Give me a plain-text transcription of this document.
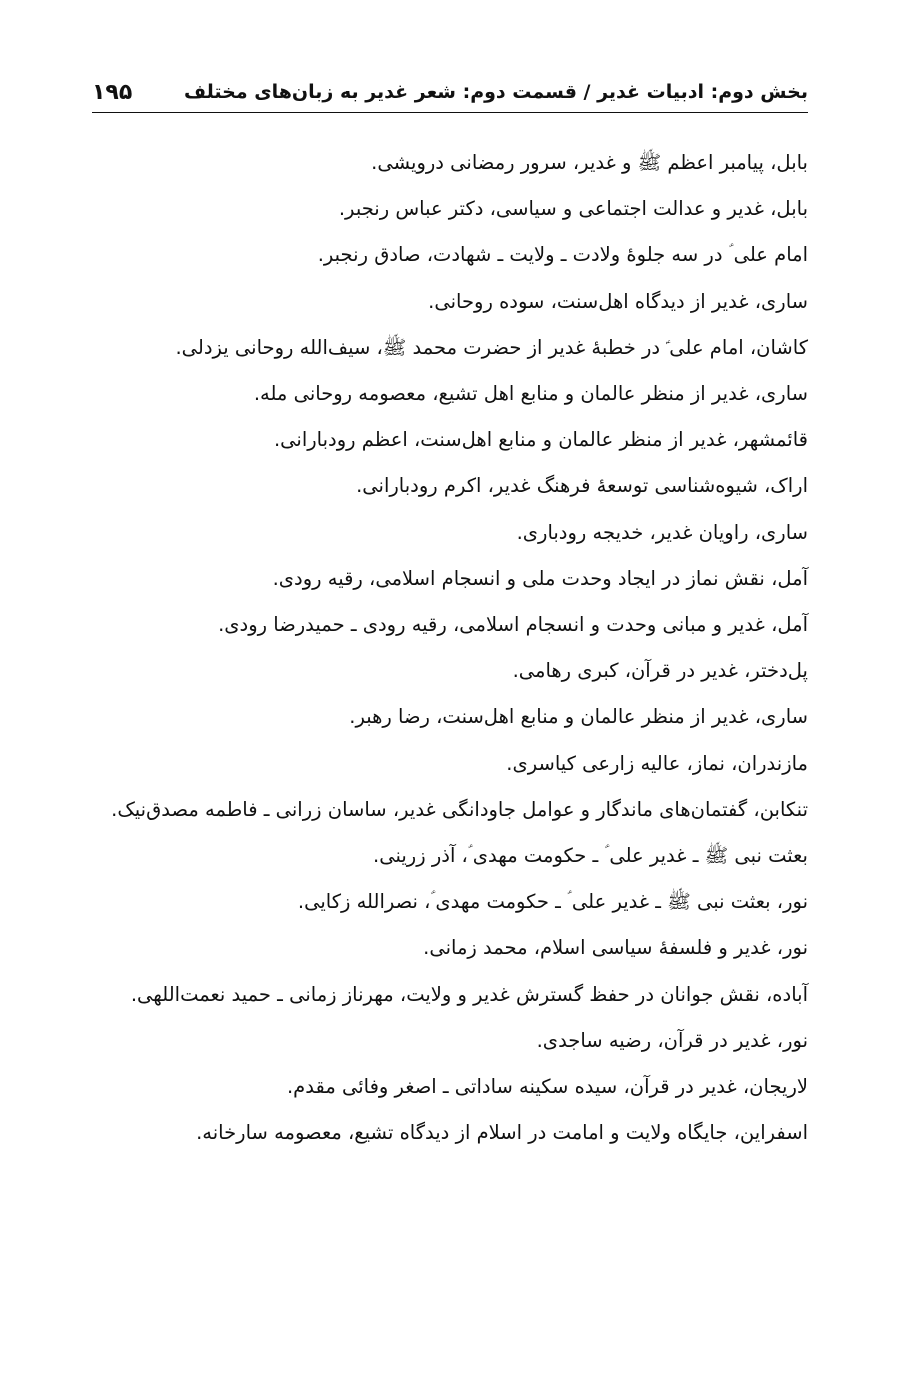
بخش دوم: ادبیات غدیر / قسمت دوم: شعر غدیر به زبان‌های مختلف
۱۹۵
بابل، پیامبر اعظم ﷺ و غدیر، سرور رمضانی درویشی.
بابل، غدیر و عدالت اجتماعی و سیاسی، دکتر عباس رنجبر.
امام علی ؑ در سه جلوهٔ ولادت ـ ولایت ـ شهادت، صادق رنجبر.
ساری، غدیر از دیدگاه اهل‌سنت، سوده روحانی.
کاشان، امام علی ؑ در خطبهٔ غدیر از حضرت محمد ﷺ، سیف‌الله روحانی یزدلی.
ساری، غدیر از منظر عالمان و منابع اهل تشیع، معصومه روحانی مله.
قائمشهر، غدیر از منظر عالمان و منابع اهل‌سنت، اعظم رودبارانی.
اراک، شیوه‌شناسی توسعهٔ فرهنگ غدیر، اکرم رودبارانی.
ساری، راویان غدیر، خدیجه رودباری.
آمل، نقش نماز در ایجاد وحدت ملی و انسجام اسلامی، رقیه رودی.
آمل، غدیر و مبانی وحدت و انسجام اسلامی، رقیه رودی ـ حمیدرضا رودی.
پل‌دختر، غدیر در قرآن، کبری رهامی.
ساری، غدیر از منظر عالمان و منابع اهل‌سنت، رضا رهبر.
مازندران، نماز، عالیه زارعی کیاسری.
تنکابن، گفتمان‌های ماندگار و عوامل جاودانگی غدیر، ساسان زرانی ـ فاطمه مصدق‌نیک.
بعثت نبی ﷺ ـ غدیر علی ؑ ـ حکومت مهدی ؑ، آذر زرینی.
نور، بعثت نبی ﷺ ـ غدیر علی ؑ ـ حکومت مهدی ؑ، نصرالله زکایی.
نور، غدیر و فلسفهٔ سیاسی اسلام، محمد زمانی.
آباده، نقش جوانان در حفظ گسترش غدیر و ولایت، مهرناز زمانی ـ حمید نعمت‌اللهی.
نور، غدیر در قرآن، رضیه ساجدی.
لاریجان، غدیر در قرآن، سیده سکینه ساداتی ـ اصغر وفائی مقدم.
اسفراین، جایگاه ولایت و امامت در اسلام از دیدگاه تشیع، معصومه سارخانه.
